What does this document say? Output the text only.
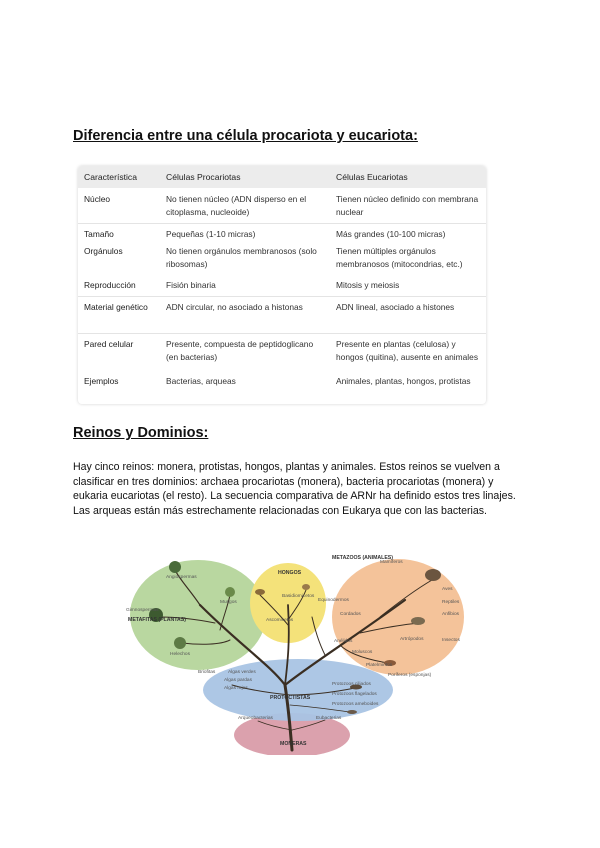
Diferencia entre una célula procariota y eucariota:
Característica	Células Procariotas	Células Eucariotas
Núcleo	No tienen núcleo (ADN disperso en el citoplasma, nucleoide)	Tienen núcleo definido con membrana nuclear
Tamaño	Pequeñas (1-10 micras)	Más grandes (10-100 micras)
Orgánulos	No tienen orgánulos membranosos (solo ribosomas)	Tienen múltiples orgánulos membranosos (mitocondrias, etc.)
Reproducción	Fisión binaria	Mitosis y meiosis
Material genético	ADN circular, no asociado a histonas	ADN lineal, asociado a histones
Pared celular	Presente, compuesta de peptidoglicano (en bacterias)	Presente en plantas (celulosa) y hongos (quitina), ausente en animales
Ejemplos	Bacterias, arqueas	Animales, plantas, hongos, protistas
Reinos y Dominios:
Hay cinco reinos: monera, protistas, hongos, plantas y animales. Estos reinos se vuelven a clasificar en tres dominios: archaea procariotas (monera), bacteria procariotas (monera) y eukaria eucariotas (el resto). La secuencia comparativa de ARNr ha definido estos tres linajes. Las arqueas están más estrechamente relacionadas con Eukarya que con las bacterias.
METAFITAS (PLANTAS)
HONGOS
METAZOOS (ANIMALES)
PROTOCTISTAS
MONERAS
Angiospermas
Gimnospermas
Helechos
Musgos
Briofitas
Basidiomicetos
Ascomicetos
Equinodermos
Cordados
Anélidos
Moluscos
Artrópodos
Platelmintos
Poríferos (esponjas)
Mamíferos
Aves
Reptiles
Anfibios
Insectos
Algas verdes
Algas pardas
Algas rojas
Protozoos flagelados
Protozoos ciliados
Protozoos ameboides
Arqueobacterias	Eubacterias
